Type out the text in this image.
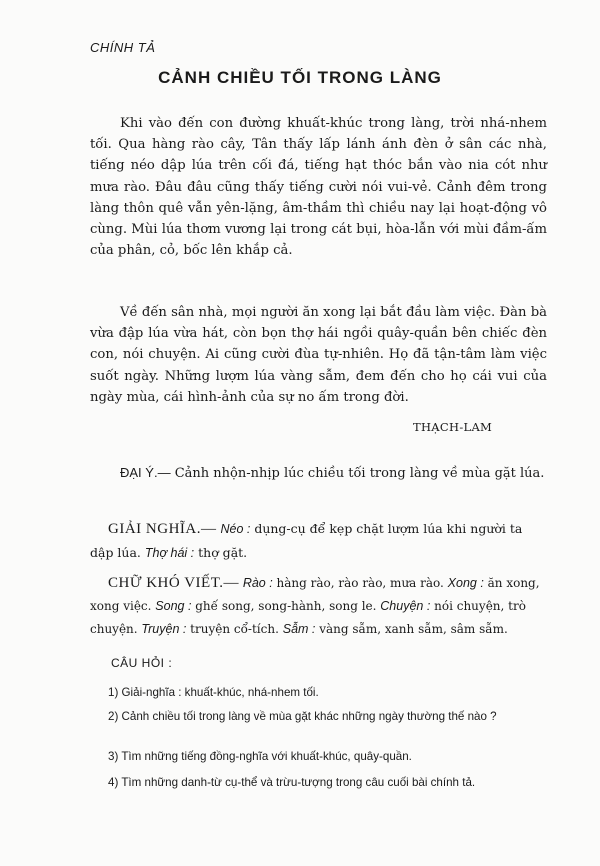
CHÍNH TẢ
CẢNH CHIỀU TỐI TRONG LÀNG

Khi vào đến con đường khuất-khúc trong làng, trời nhá-nhem tối. Qua hàng rào cây, Tân thấy lấp lánh ánh đèn ở sân các nhà, tiếng néo dập lúa trên cối đá, tiếng hạt thóc bắn vào nia cót như mưa rào. Đâu đâu cũng thấy tiếng cười nói vui-vẻ. Cảnh đêm trong làng thôn quê vẫn yên-lặng, âm-thầm thì chiều nay lại hoạt-động vô cùng. Mùi lúa thơm vương lại trong cát bụi, hòa-lẫn với mùi đầm-ấm của phân, cỏ, bốc lên khắp cả.

Về đến sân nhà, mọi người ăn xong lại bắt đầu làm việc. Đàn bà vừa đập lúa vừa hát, còn bọn thợ hái ngồi quây-quần bên chiếc đèn con, nói chuyện. Ai cũng cười đùa tự-nhiên. Họ đã tận-tâm làm việc suốt ngày. Những lượm lúa vàng sẫm, đem đến cho họ cái vui của ngày mùa, cái hình-ảnh của sự no ấm trong đời.

THẠCH-LAM

ĐẠI Ý.— Cảnh nhộn-nhịp lúc chiều tối trong làng về mùa gặt lúa.

GIẢI NGHĨA.— Néo : dụng-cụ để kẹp chặt lượm lúa khi người ta dập lúa. Thợ hái : thợ gặt.

CHỮ KHÓ VIẾT.— Rào : hàng rào, rào rào, mưa rào. Xong : ăn xong, xong việc. Song : ghế song, song-hành, song le. Chuyện : nói chuyện, trò chuyện. Truyện : truyện cổ-tích. Sẫm : vàng sẫm, xanh sẫm, sâm sẫm.

CÂU HỎI :

1) Giải-nghĩa : khuất-khúc, nhá-nhem tối.

2) Cảnh chiều tối trong làng về mùa gặt khác những ngày thường thế nào ?

3) Tìm những tiếng đồng-nghĩa với khuất-khúc, quây-quần.

4) Tìm những danh-từ cụ-thể và trừu-tượng trong câu cuối bài chính tả.
